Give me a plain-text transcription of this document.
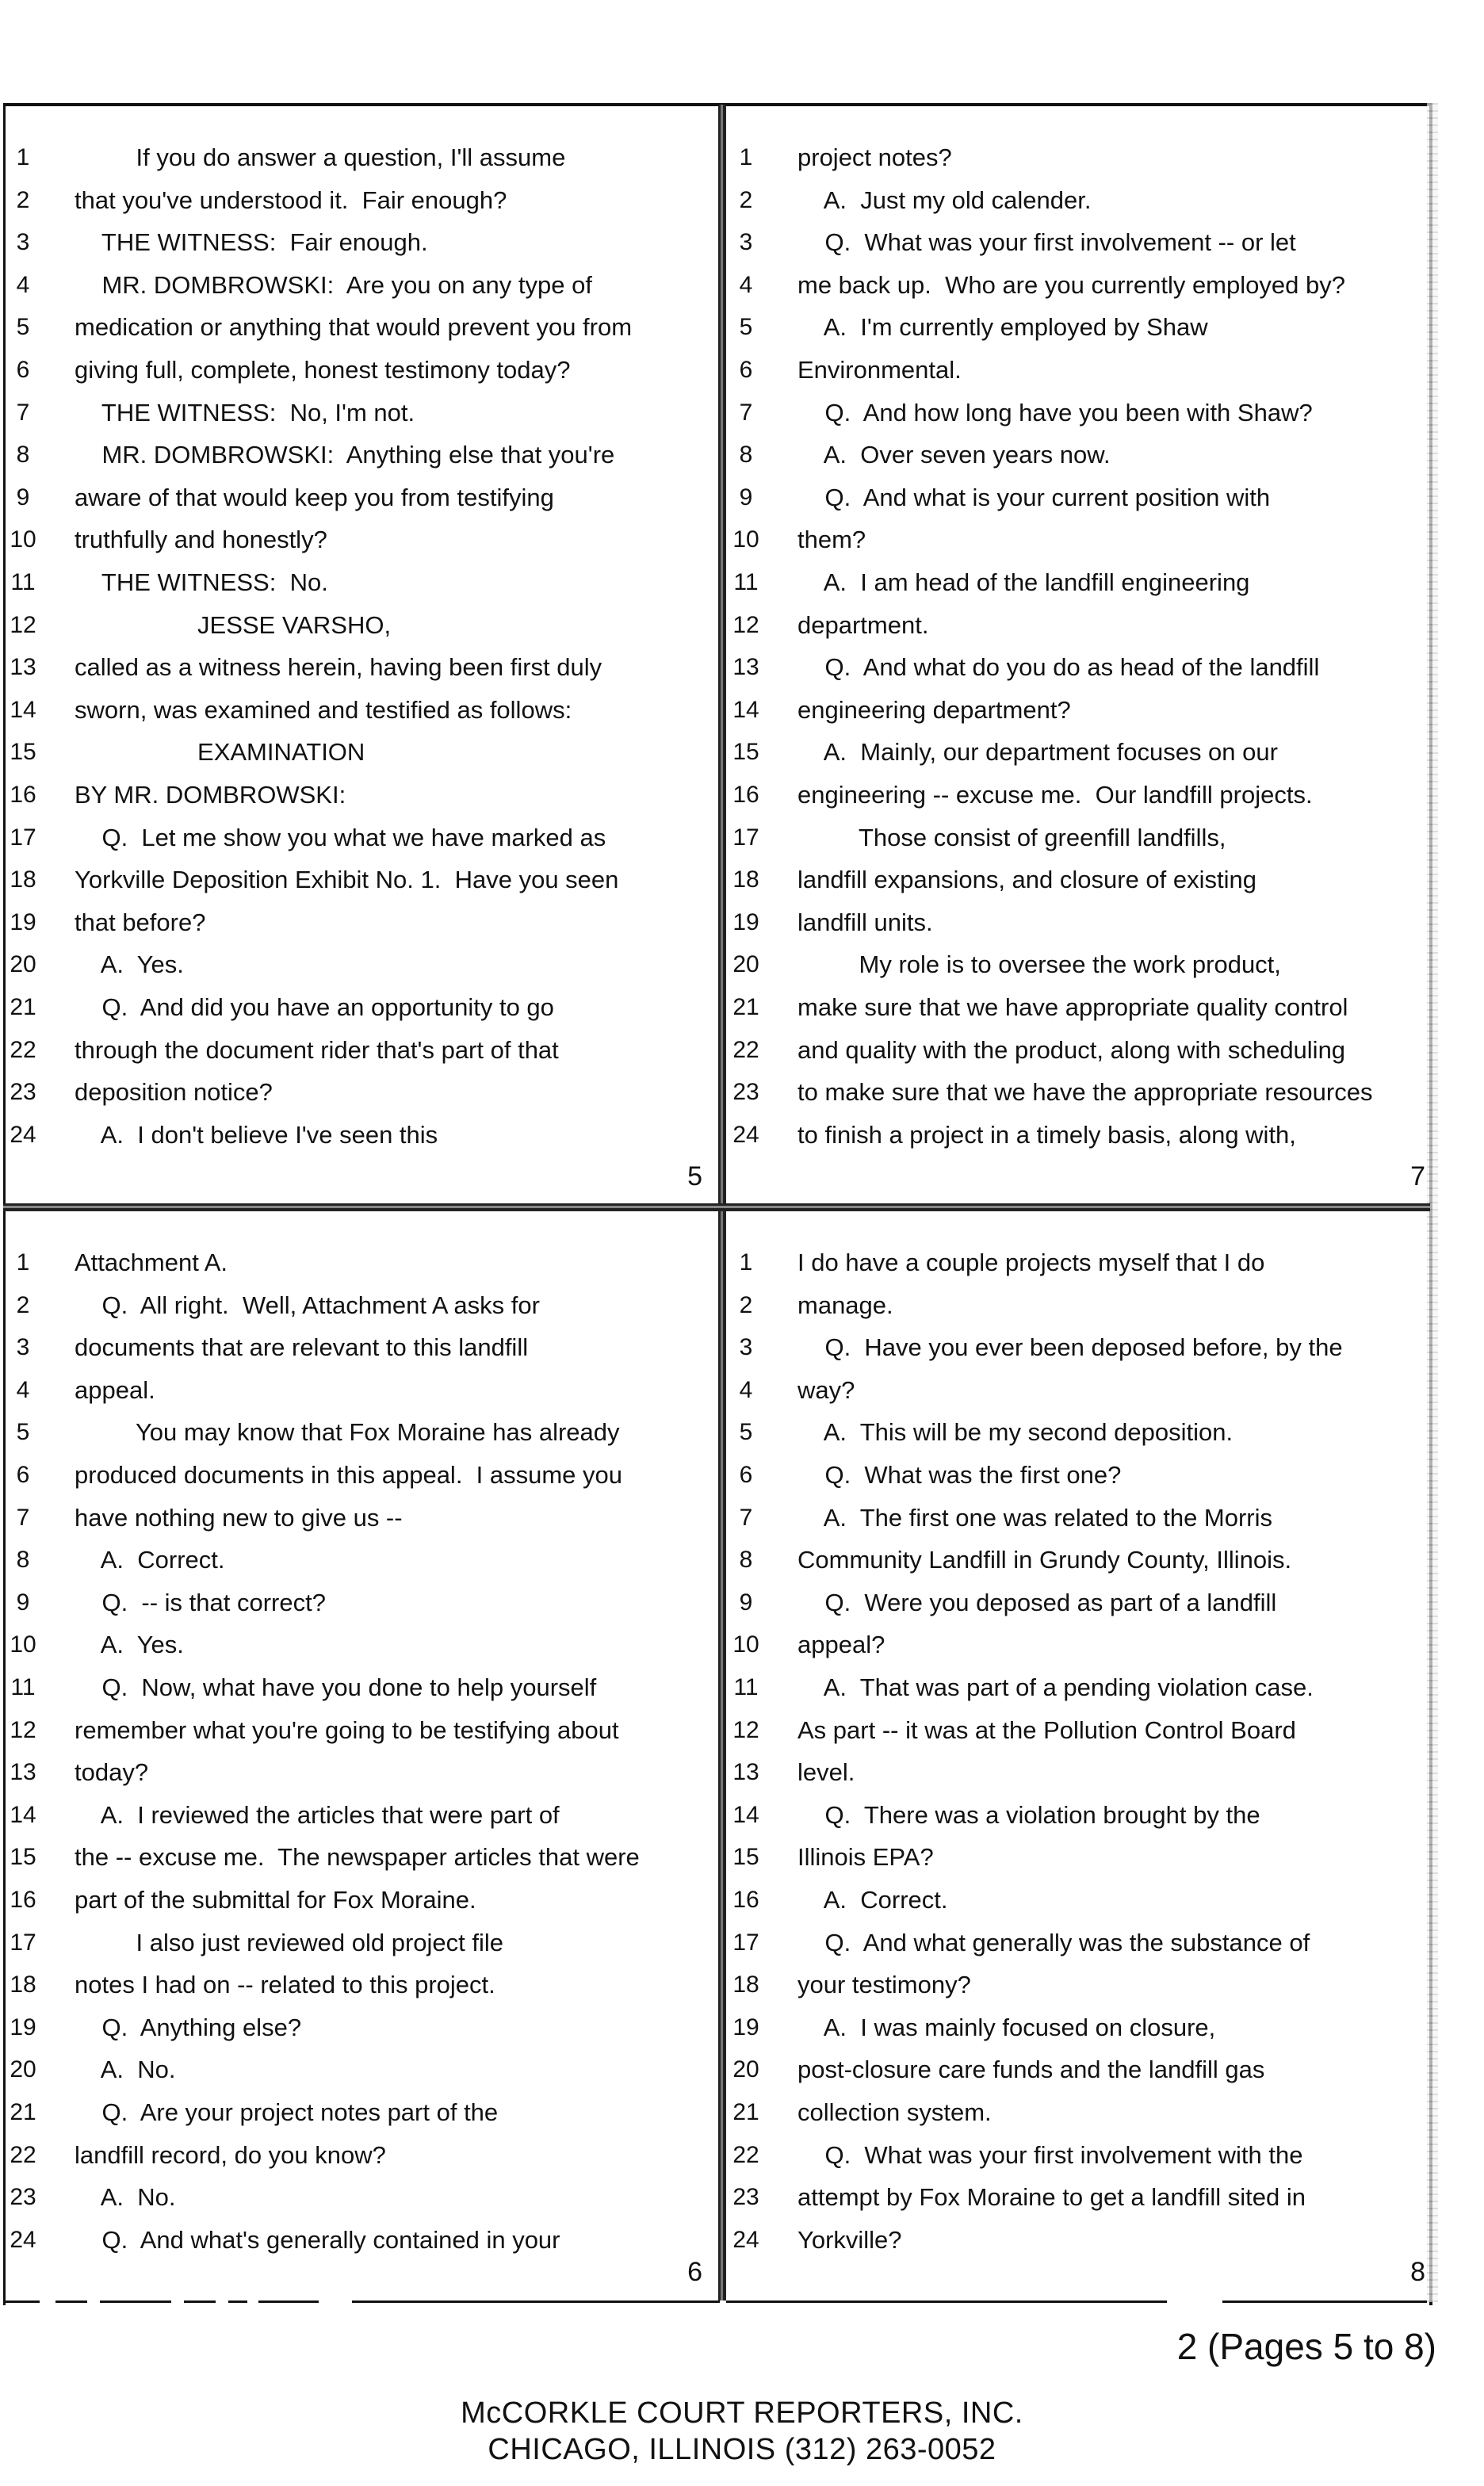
1	If you do answer a question, I'll assume
2	that you've understood it.  Fair enough?
3	THE WITNESS:  Fair enough.
4	MR. DOMBROWSKI:  Are you on any type of
5	medication or anything that would prevent you from
6	giving full, complete, honest testimony today?
7	THE WITNESS:  No, I'm not.
8	MR. DOMBROWSKI:  Anything else that you're
9	aware of that would keep you from testifying
10 truthfully and honestly?
11 THE WITNESS:  No.
12 JESSE VARSHO,
13 called as a witness herein, having been first duly
14 sworn, was examined and testified as follows:
15 EXAMINATION
16 BY MR. DOMBROWSKI:
17 Q.  Let me show you what we have marked as
18 Yorkville Deposition Exhibit No. 1.  Have you seen
19 that before?
20 A.  Yes.
21 Q.  And did you have an opportunity to go
22 through the document rider that's part of that
23 deposition notice?
24 A.  I don't believe I've seen this
5
1	project notes?
2	A.  Just my old calender.
3	Q.  What was your first involvement -- or let
4	me back up.  Who are you currently employed by?
5	A.  I'm currently employed by Shaw
6	Environmental.
7	Q.  And how long have you been with Shaw?
8	A.  Over seven years now.
9	Q.  And what is your current position with
10 them?
11 A.  I am head of the landfill engineering
12 department.
13 Q.  And what do you do as head of the landfill
14 engineering department?
15 A.  Mainly, our department focuses on our
16 engineering -- excuse me.  Our landfill projects.
17 Those consist of greenfill landfills,
18 landfill expansions, and closure of existing
19 landfill units.
20 My role is to oversee the work product,
21 make sure that we have appropriate quality control
22 and quality with the product, along with scheduling
23 to make sure that we have the appropriate resources
24 to finish a project in a timely basis, along with,
7
1	Attachment A.
2	Q.  All right.  Well, Attachment A asks for
3	documents that are relevant to this landfill
4	appeal.
5	You may know that Fox Moraine has already
6	produced documents in this appeal.  I assume you
7	have nothing new to give us --
8	A.  Correct.
9	Q.  -- is that correct?
10 A.  Yes.
11 Q.  Now, what have you done to help yourself
12 remember what you're going to be testifying about
13 today?
14 A.  I reviewed the articles that were part of
15 the -- excuse me.  The newspaper articles that were
16 part of the submittal for Fox Moraine.
17 I also just reviewed old project file
18 notes I had on -- related to this project.
19 Q.  Anything else?
20 A.  No.
21 Q.  Are your project notes part of the
22 landfill record, do you know?
23 A.  No.
24 Q.  And what's generally contained in your
6
1	I do have a couple projects myself that I do
2	manage.
3	Q.  Have you ever been deposed before, by the
4	way?
5	A.  This will be my second deposition.
6	Q.  What was the first one?
7	A.  The first one was related to the Morris
8	Community Landfill in Grundy County, Illinois.
9	Q.  Were you deposed as part of a landfill
10 appeal?
11 A.  That was part of a pending violation case.
12 As part -- it was at the Pollution Control Board
13 level.
14 Q.  There was a violation brought by the
15 Illinois EPA?
16 A.  Correct.
17 Q.  And what generally was the substance of
18 your testimony?
19 A.  I was mainly focused on closure,
20 post-closure care funds and the landfill gas
21 collection system.
22 Q.  What was your first involvement with the
23 attempt by Fox Moraine to get a landfill sited in
24 Yorkville?
8
2 (Pages 5 to 8)
McCORKLE COURT REPORTERS, INC.
CHICAGO, ILLINOIS (312) 263-0052
